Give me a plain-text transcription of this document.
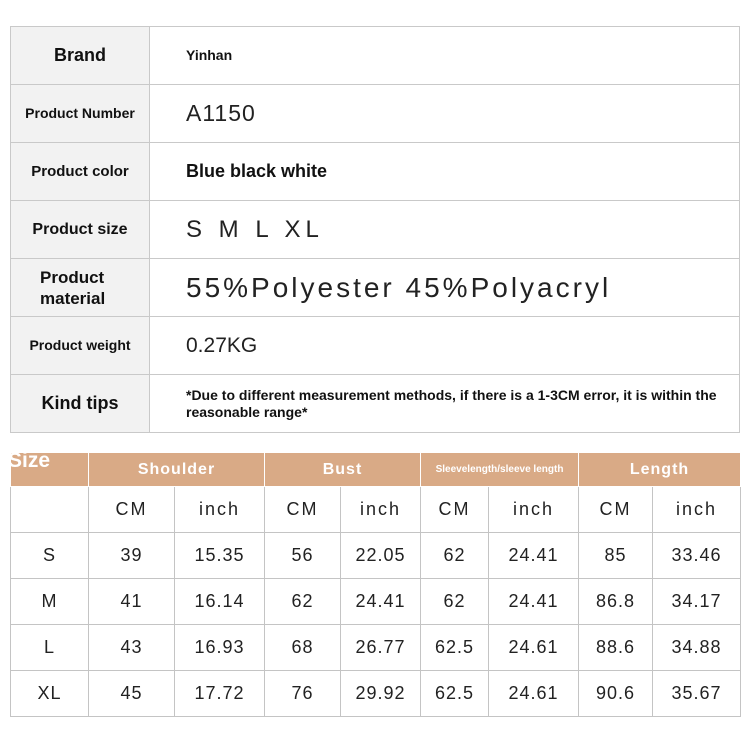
Brand	Yinhan
Product Number	A1150
Product color	Blue black white
Product size	S M L XL
Product material	55%Polyester 45%Polyacryl
Product weight	0.27KG
Kind tips	*Due to different measurement methods, if there is a 1-3CM error, it is within the reasonable range*
Size	Shoulder		Bust		Sleevelength/sleeve length		Length	
	CM	inch	CM	inch	CM	inch	CM	inch
S	39	15.35	56	22.05	62	24.41	85	33.46
M	41	16.14	62	24.41	62	24.41	86.8	34.17
L	43	16.93	68	26.77	62.5	24.61	88.6	34.88
XL	45	17.72	76	29.92	62.5	24.61	90.6	35.67
